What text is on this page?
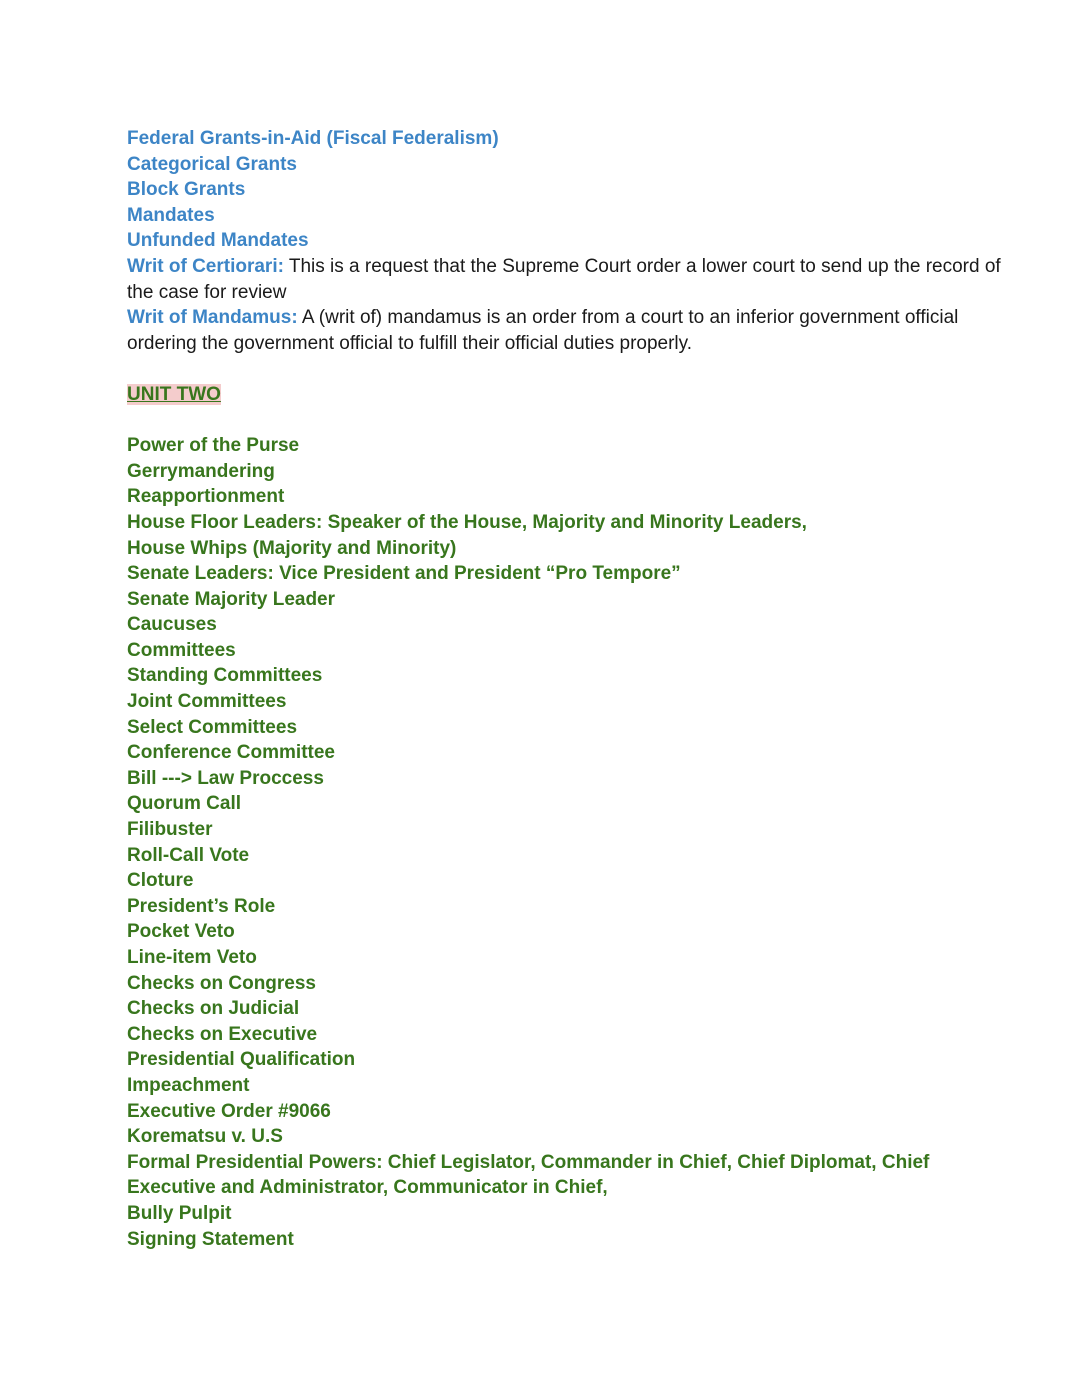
Federal Grants-in-Aid (Fiscal Federalism)
Categorical Grants
Block Grants
Mandates
Unfunded Mandates
Writ of Certiorari: This is a request that the Supreme Court order a lower court to send up the record of the case for review
Writ of Mandamus: A (writ of) mandamus is an order from a court to an inferior government official ordering the government official to fulfill their official duties properly.
UNIT TWO
Power of the Purse
Gerrymandering
Reapportionment
House Floor Leaders: Speaker of the House, Majority and Minority Leaders,
House Whips (Majority and Minority)
Senate Leaders: Vice President and President “Pro Tempore”
Senate Majority Leader
Caucuses
Committees
Standing Committees
Joint Committees
Select Committees
Conference Committee
Bill ---> Law Proccess
Quorum Call
Filibuster
Roll-Call Vote
Cloture
President’s Role
Pocket Veto
Line-item Veto
Checks on Congress
Checks on Judicial
Checks on Executive
Presidential Qualification
Impeachment
Executive Order #9066
Korematsu v. U.S
Formal Presidential Powers: Chief Legislator, Commander in Chief, Chief Diplomat, Chief
Executive and Administrator, Communicator in Chief,
Bully Pulpit
Signing Statement
